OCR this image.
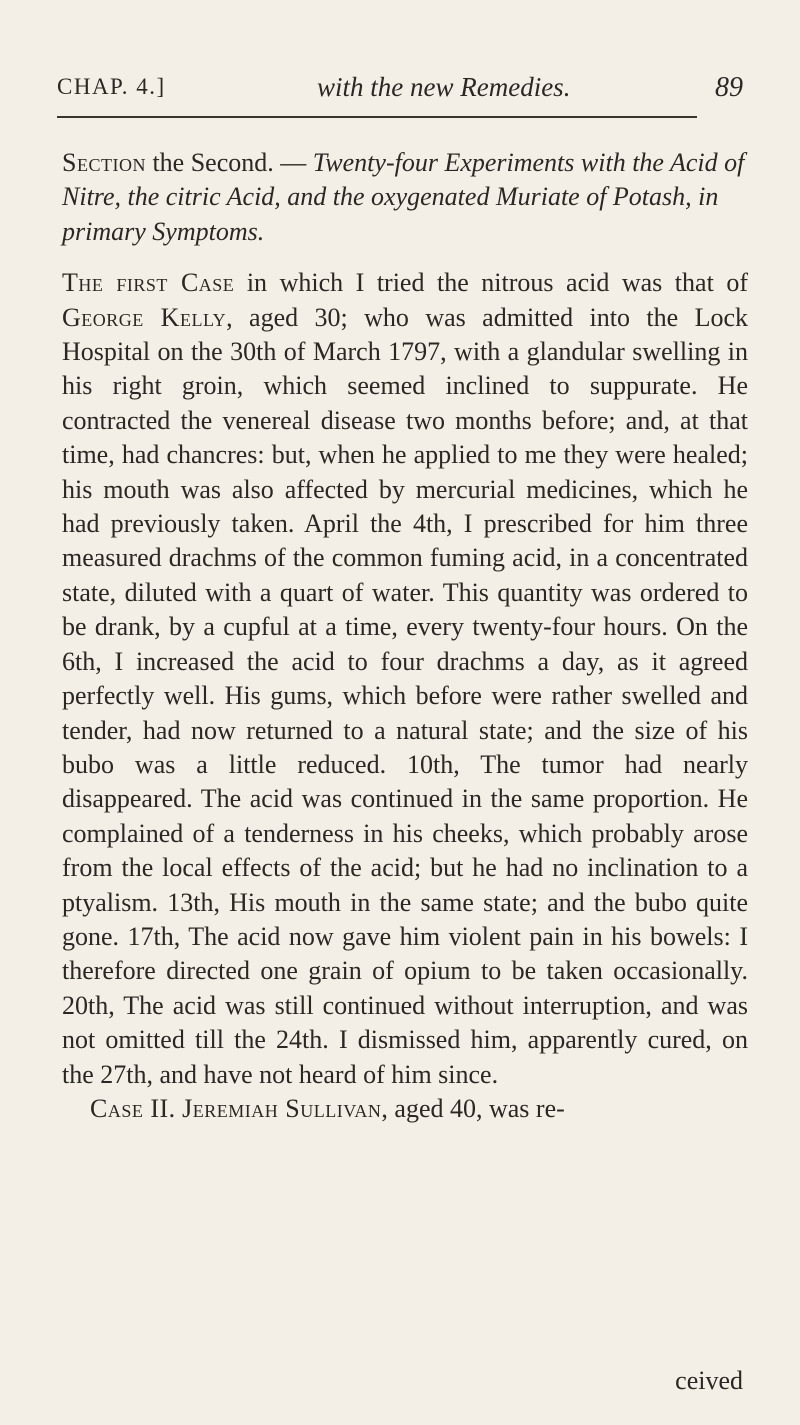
CHAP. 4.]	with the new Remedies.	89

Section the Second. — Twenty-four Experiments with the Acid of Nitre, the citric Acid, and the oxygenated Muriate of Potash, in primary Symptoms.

The first Case in which I tried the nitrous acid was that of George Kelly, aged 30; who was admitted into the Lock Hospital on the 30th of March 1797, with a glandular swelling in his right groin, which seemed inclined to suppurate. He contracted the venereal disease two months before; and, at that time, had chancres: but, when he applied to me they were healed; his mouth was also affected by mercurial medicines, which he had previously taken. April the 4th, I prescribed for him three measured drachms of the common fuming acid, in a concentrated state, diluted with a quart of water. This quantity was ordered to be drank, by a cupful at a time, every twenty-four hours. On the 6th, I increased the acid to four drachms a day, as it agreed perfectly well. His gums, which before were rather swelled and tender, had now returned to a natural state; and the size of his bubo was a little reduced. 10th, The tumor had nearly disappeared. The acid was continued in the same proportion. He complained of a tenderness in his cheeks, which probably arose from the local effects of the acid; but he had no inclination to a ptyalism. 13th, His mouth in the same state; and the bubo quite gone. 17th, The acid now gave him violent pain in his bowels: I therefore directed one grain of opium to be taken occasionally. 20th, The acid was still continued without interruption, and was not omitted till the 24th. I dismissed him, apparently cured, on the 27th, and have not heard of him since.

Case II. Jeremiah Sullivan, aged 40, was re-

ceived
